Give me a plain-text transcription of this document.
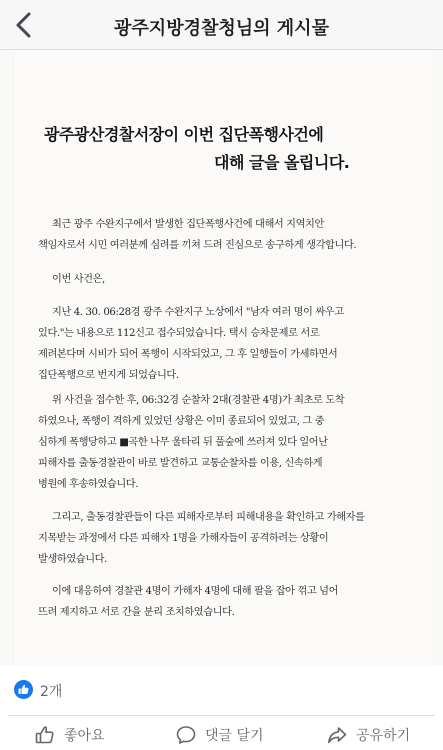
광주지방경찰청님의 게시물
광주광산경찰서장이 이번 집단폭행사건에
대해 글을 올립니다.
최근 광주 수완지구에서 발생한 집단폭행사건에 대해서 지역치안
책임자로서 시민 여러분께 심려를 끼쳐 드려 진심으로 송구하게 생각합니다.
이번 사건은,
지난 4. 30. 06:28경 광주 수완지구 노상에서 "남자 여러 명이 싸우고
있다."는 내용으로 112신고 접수되었습니다. 택시 승차문제로 서로
제려본다며 시비가 되어 폭행이 시작되었고, 그 후 일행들이 가세하면서
집단폭행으로 번지게 되었습니다.
위 사건을 접수한 후, 06:32경 순찰차 2대(경찰관 4명)가 최초로 도착
하였으나, 폭행이 격하게 있었던 상황은 이미 종료되어 있었고, 그 중
심하게 폭행당하고 ■곡한 나무 울타리 뒤 풀숲에 쓰러져 있다 일어난
피해자를 출동경찰관이 바로 발견하고 교통순찰차를 이용, 신속하게
병원에 후송하였습니다.
그리고, 출동경찰관들이 다른 피해자로부터 피해내용을 확인하고 가해자를
지목받는 과정에서 다른 피해자 1명을 가해자들이 공격하려는 상황이
발생하였습니다.
이에 대응하여 경찰관 4명이 가해자 4명에 대해 팔을 잡아 꺾고 넘어
뜨려 제지하고 서로 간을 분리 조치하였습니다.
2개
좋아요	댓글 달기	공유하기
